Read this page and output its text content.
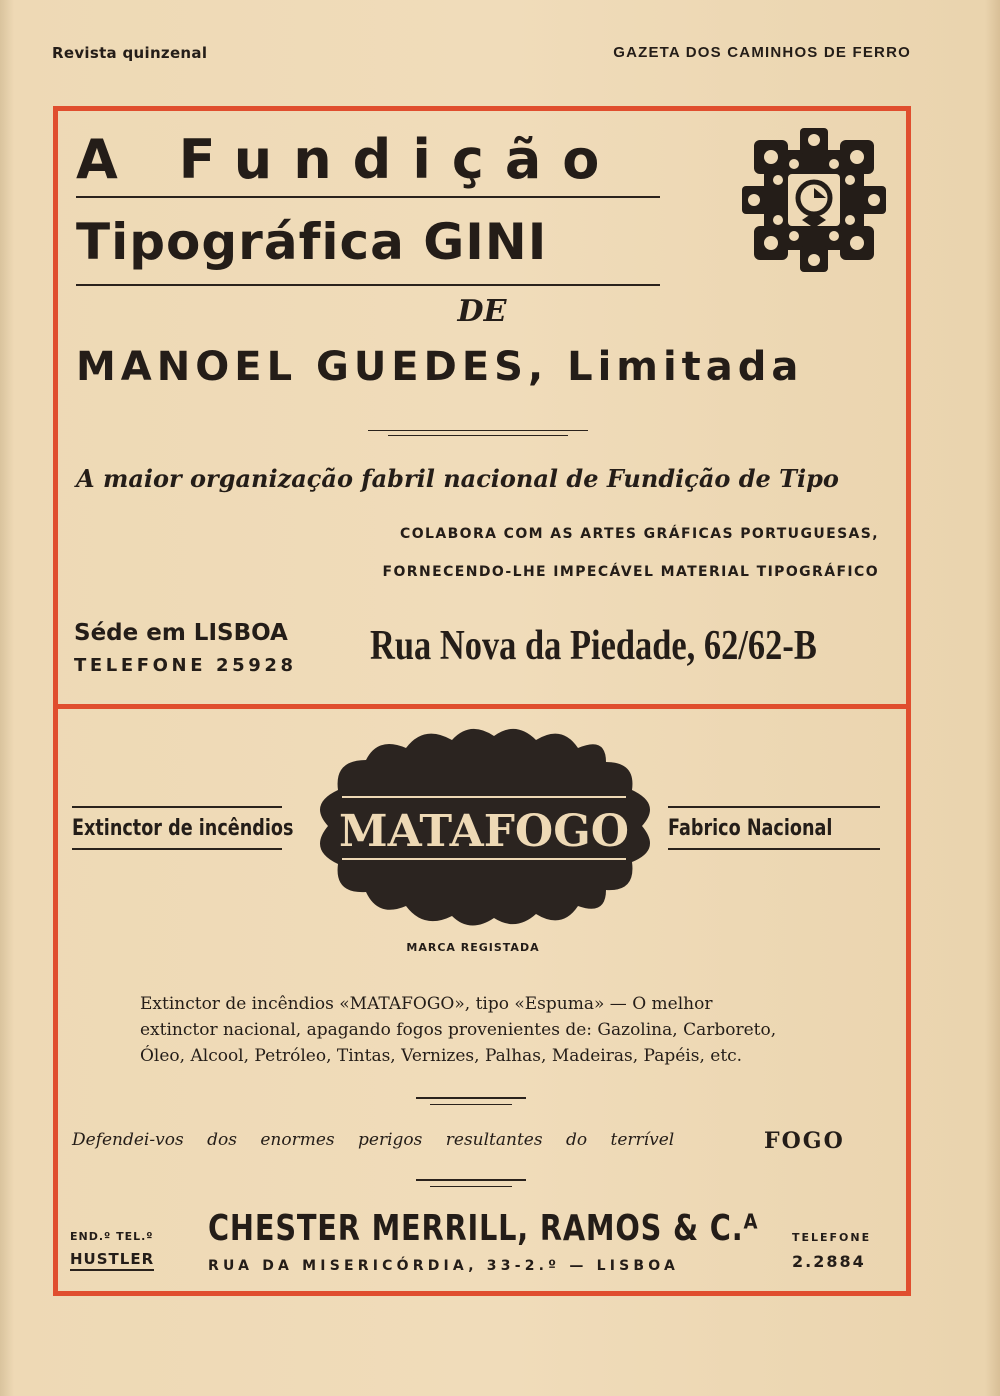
Revista quinzenal	GAZETA DOS CAMINHOS DE FERRO
A Fundição
Tipográfica GINI
DE
MANOEL GUEDES, Limitada
A maior organização fabril nacional de Fundição de Tipo
COLABORA COM AS ARTES GRÁFICAS PORTUGUESAS,
FORNECENDO-LHE IMPECÁVEL MATERIAL TIPOGRÁFICO
Séde em LISBOA
TELEFONE 25928 Rua Nova da Piedade, 62/62-B
Extinctor de incêndios	Fabrico Nacional
MATAFOGO
MARCA REGISTADA
Extinctor de incêndios «MATAFOGO», tipo «Espuma» — O melhor
extinctor nacional, apagando fogos provenientes de: Gazolina, Carboreto,
Óleo, Alcool, Petróleo, Tintas, Vernizes, Palhas, Madeiras, Papéis, etc.
Defendei-vos dos enormes perigos resultantes do terrível	FOGO
END.º TEL.º
HUSTLER
CHESTER MERRILL, RAMOS & C.ᴬ
RUA DA MISERICÓRDIA, 33-2.º — LISBOA
TELEFONE
2.2884
